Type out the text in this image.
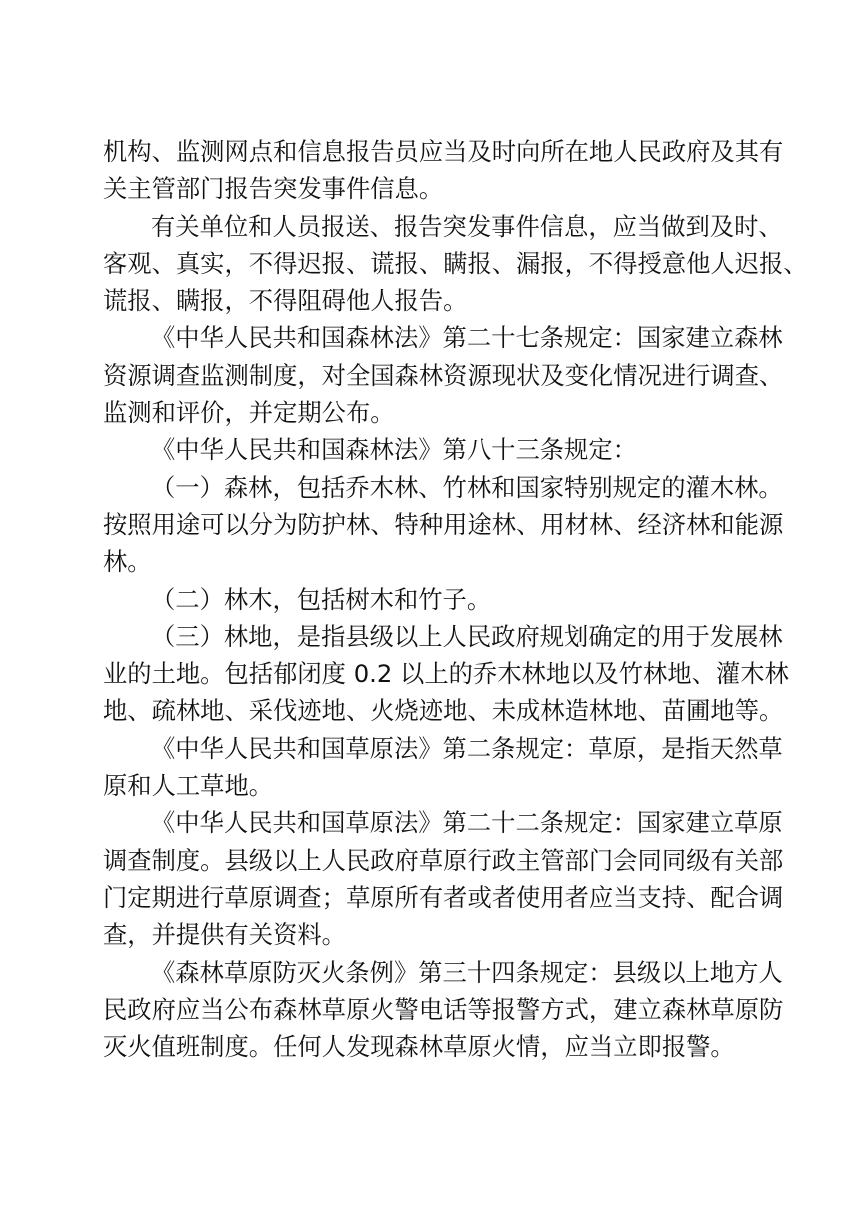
机构、监测网点和信息报告员应当及时向所在地人民政府及其有
关主管部门报告突发事件信息。
有关单位和人员报送、报告突发事件信息，应当做到及时、
客观、真实，不得迟报、谎报、瞒报、漏报，不得授意他人迟报、
谎报、瞒报，不得阻碍他人报告。
《中华人民共和国森林法》第二十七条规定：国家建立森林
资源调查监测制度，对全国森林资源现状及变化情况进行调查、
监测和评价，并定期公布。
《中华人民共和国森林法》第八十三条规定：
（一）森林，包括乔木林、竹林和国家特别规定的灌木林。
按照用途可以分为防护林、特种用途林、用材林、经济林和能源
林。
（二）林木，包括树木和竹子。
（三）林地，是指县级以上人民政府规划确定的用于发展林
业的土地。包括郁闭度 0.2 以上的乔木林地以及竹林地、灌木林
地、疏林地、采伐迹地、火烧迹地、未成林造林地、苗圃地等。
《中华人民共和国草原法》第二条规定：草原，是指天然草
原和人工草地。
《中华人民共和国草原法》第二十二条规定：国家建立草原
调查制度。县级以上人民政府草原行政主管部门会同同级有关部
门定期进行草原调查；草原所有者或者使用者应当支持、配合调
查，并提供有关资料。
《森林草原防灭火条例》第三十四条规定：县级以上地方人
民政府应当公布森林草原火警电话等报警方式，建立森林草原防
灭火值班制度。任何人发现森林草原火情，应当立即报警。
